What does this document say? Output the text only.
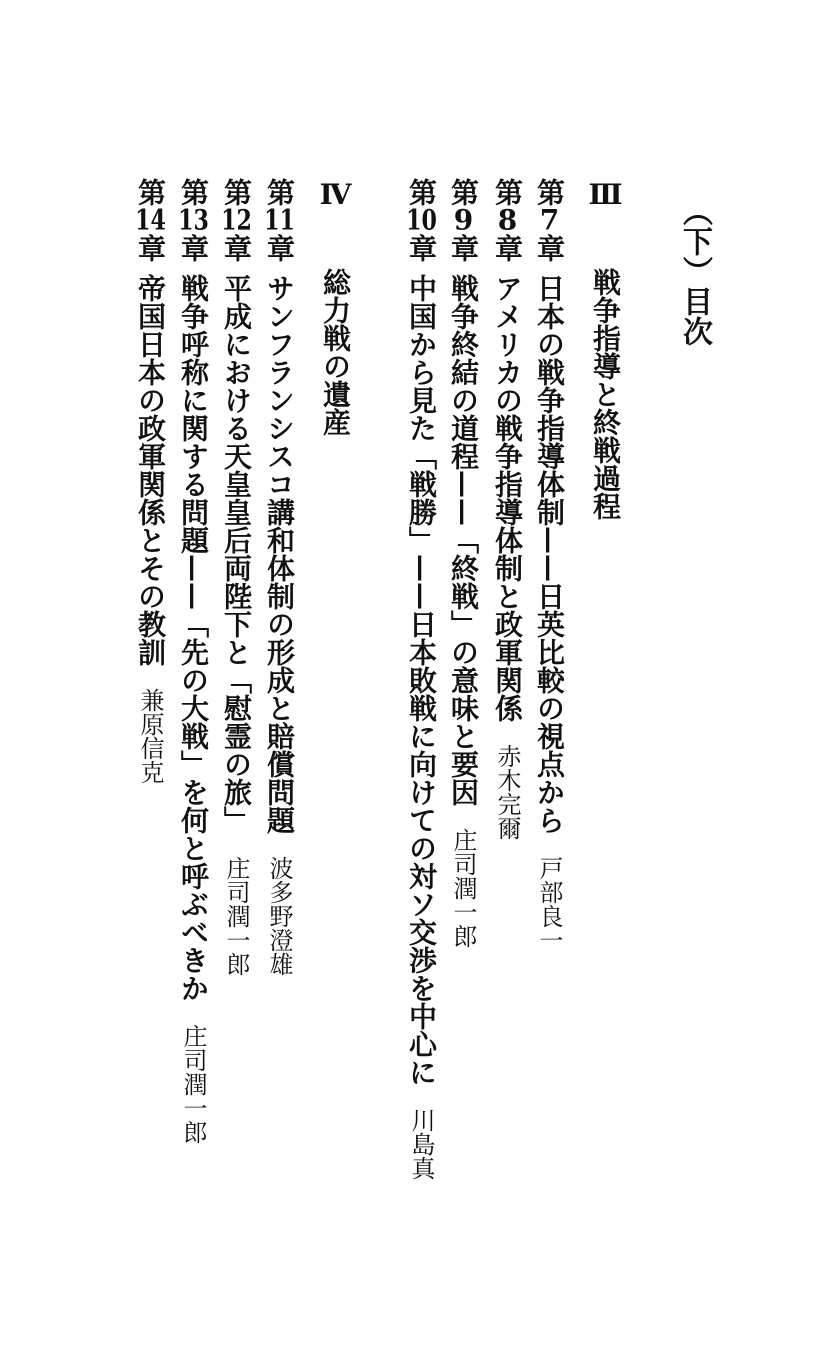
（下）目次
Ⅲ 戦争指導と終戦過程
第7章日本の戦争指導体制——日英比較の視点から戸部良一
第8章アメリカの戦争指導体制と政軍関係赤木完爾
第9章戦争終結の道程——「終戦」の意味と要因庄司潤一郎
第10章中国から見た「戦勝」——日本敗戦に向けての対ソ交渉を中心に川島真
Ⅳ 総力戦の遺産
第11章サンフランシスコ講和体制の形成と賠償問題波多野澄雄
第12章平成における天皇皇后両陛下と「慰霊の旅」庄司潤一郎
第13章戦争呼称に関する問題——「先の大戦」を何と呼ぶべきか庄司潤一郎
第14章帝国日本の政軍関係とその教訓兼原信克
